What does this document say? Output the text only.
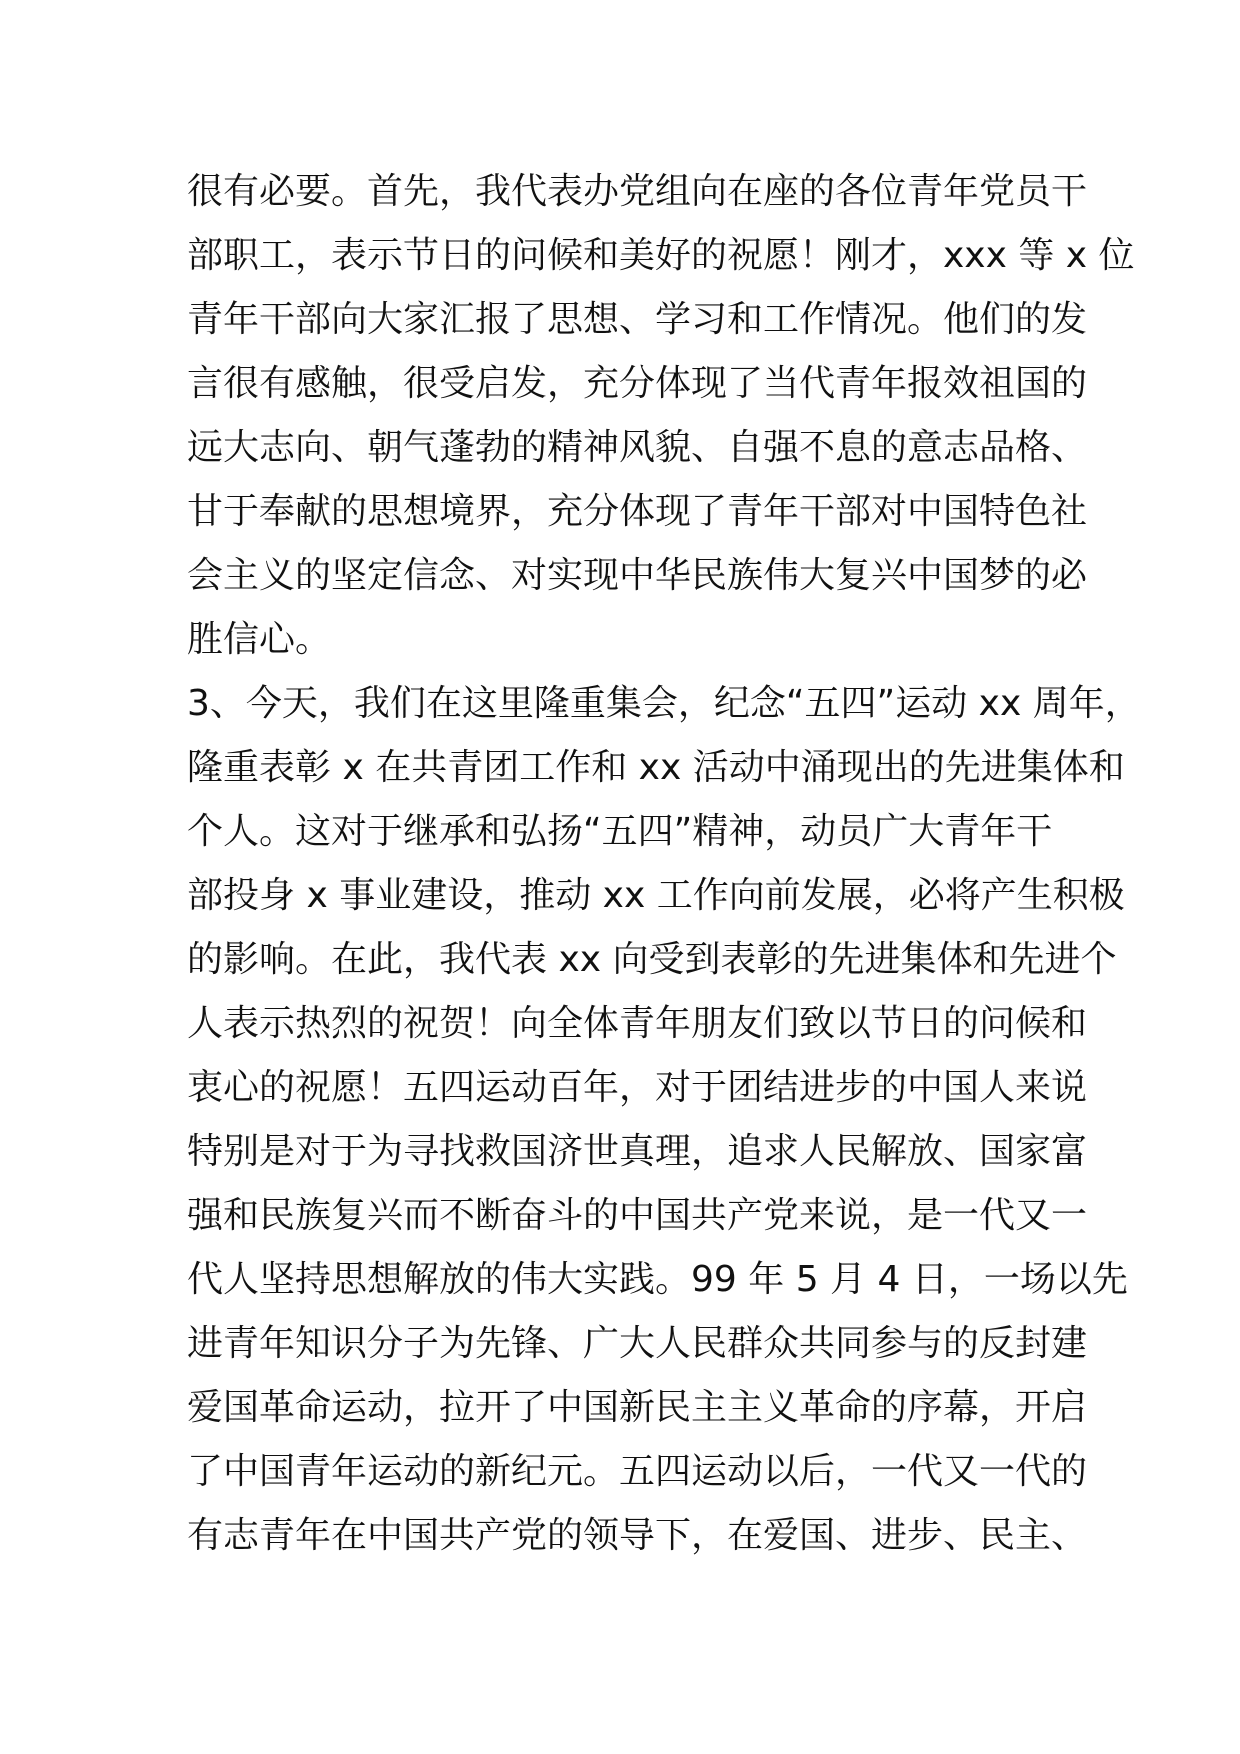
很有必要。首先，我代表办党组向在座的各位青年党员干
部职工，表示节日的问候和美好的祝愿！刚才，xxx 等 x 位
青年干部向大家汇报了思想、学习和工作情况。他们的发
言很有感触，很受启发，充分体现了当代青年报效祖国的
远大志向、朝气蓬勃的精神风貌、自强不息的意志品格、
甘于奉献的思想境界，充分体现了青年干部对中国特色社
会主义的坚定信念、对实现中华民族伟大复兴中国梦的必
胜信心。
3、今天，我们在这里隆重集会，纪念“五四”运动 xx 周年，
隆重表彰 x 在共青团工作和 xx 活动中涌现出的先进集体和
个人。这对于继承和弘扬“五四”精神，动员广大青年干
部投身 x 事业建设，推动 xx 工作向前发展，必将产生积极
的影响。在此，我代表 xx 向受到表彰的先进集体和先进个
人表示热烈的祝贺！向全体青年朋友们致以节日的问候和
衷心的祝愿！五四运动百年，对于团结进步的中国人来说
特别是对于为寻找救国济世真理，追求人民解放、国家富
强和民族复兴而不断奋斗的中国共产党来说，是一代又一
代人坚持思想解放的伟大实践。99 年 5 月 4 日，一场以先
进青年知识分子为先锋、广大人民群众共同参与的反封建
爱国革命运动，拉开了中国新民主主义革命的序幕，开启
了中国青年运动的新纪元。五四运动以后，一代又一代的
有志青年在中国共产党的领导下，在爱国、进步、民主、
